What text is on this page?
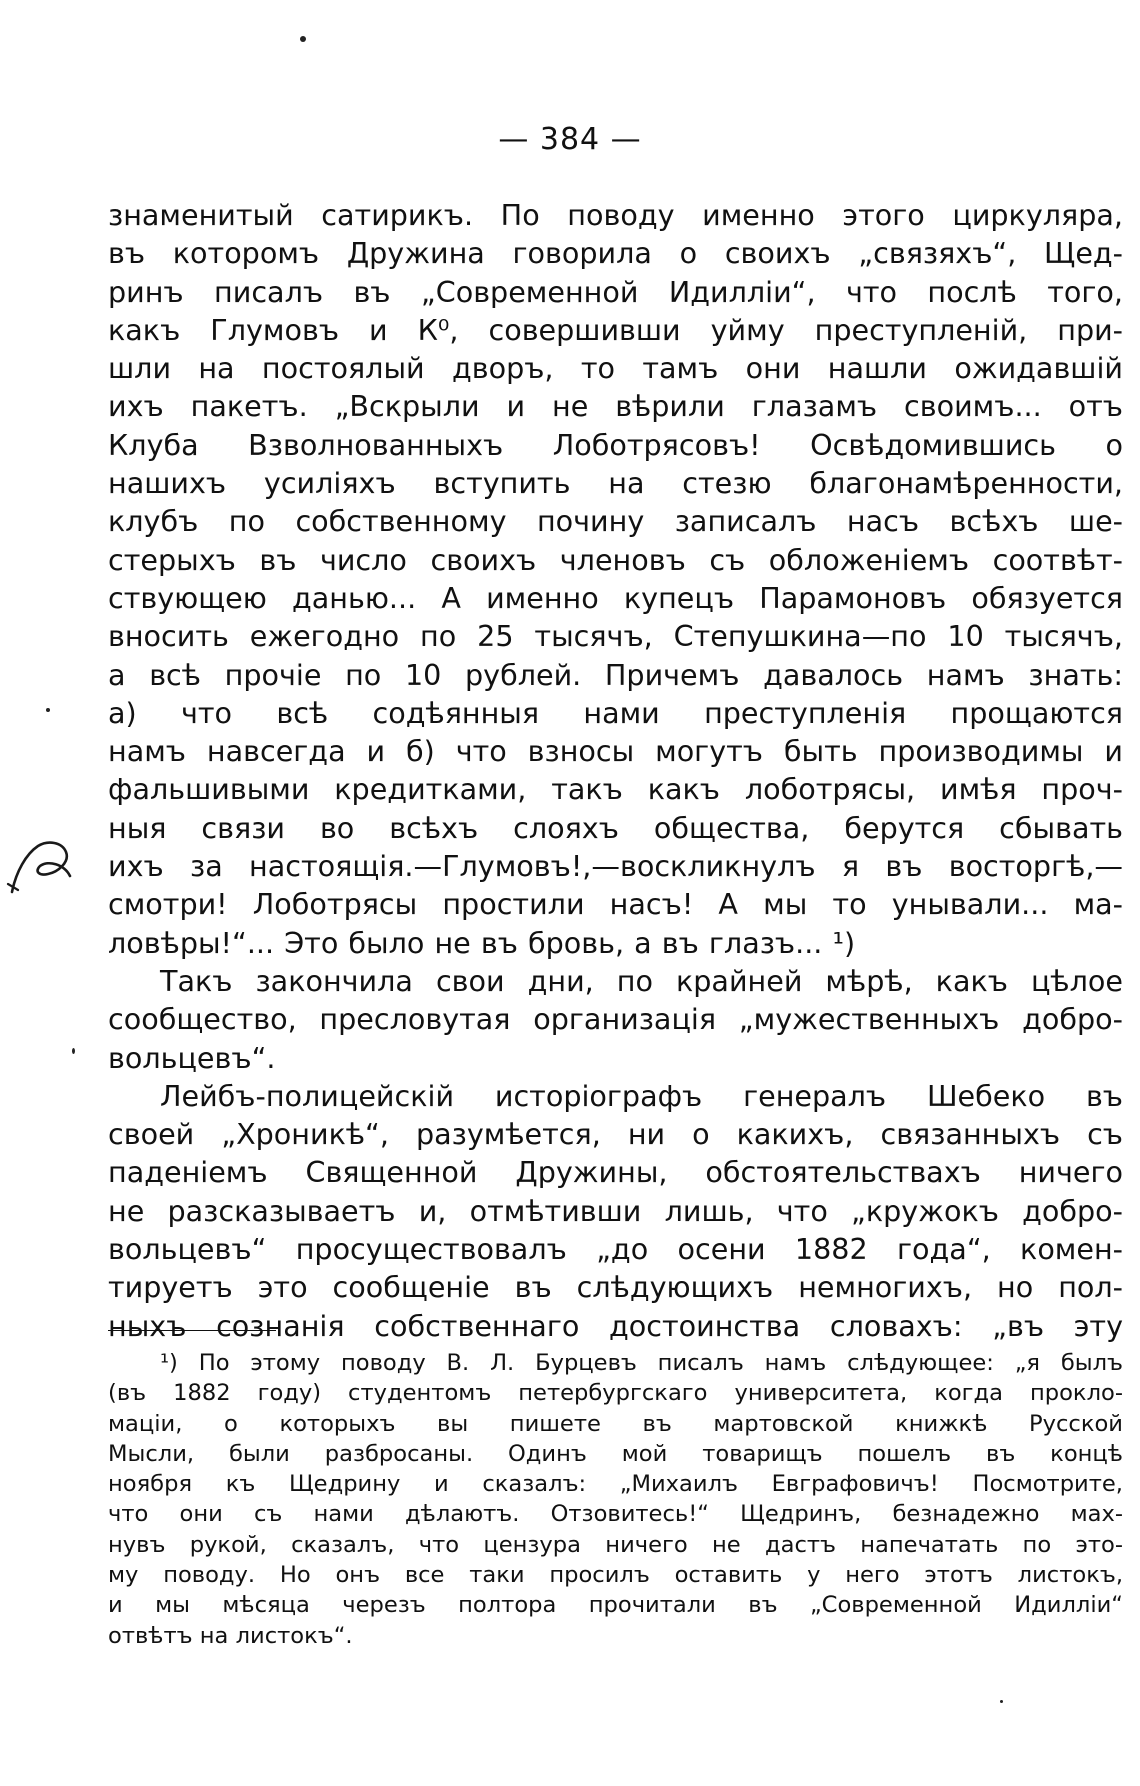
— 384 —
знаменитый сатирикъ. По поводу именно этого циркуляра,
въ которомъ Дружина говорила о своихъ „связяхъ“, Щед-
ринъ писалъ въ „Современной Идилліи“, что послѣ того,
какъ Глумовъ и К⁰, совершивши уйму преступленій, при-
шли на постоялый дворъ, то тамъ они нашли ожидавшій
ихъ пакетъ. „Вскрыли и не вѣрили глазамъ своимъ... отъ
Клуба Взволнованныхъ Лоботрясовъ! Освѣдомившись о
нашихъ усиліяхъ вступить на стезю благонамѣренности,
клубъ по собственному почину записалъ насъ всѣхъ ше-
стерыхъ въ число своихъ членовъ съ обложеніемъ соотвѣт-
ствующею данью... А именно купецъ Парамоновъ обязуется
вносить ежегодно по 25 тысячъ, Степушкина—по 10 тысячъ,
а всѣ прочіе по 10 рублей. Причемъ давалось намъ знать:
а) что всѣ содѣянныя нами преступленія прощаются
намъ навсегда и б) что взносы могутъ быть производимы и
фальшивыми кредитками, такъ какъ лоботрясы, имѣя проч-
ныя связи во всѣхъ слояхъ общества, берутся сбывать
ихъ за настоящія.—Глумовъ!,—воскликнулъ я въ восторгѣ,—
смотри! Лоботрясы простили насъ! А мы то унывали... ма-
ловѣры!“... Это было не въ бровь, а въ глазъ... ¹)
Такъ закончила свои дни, по крайней мѣрѣ, какъ цѣлое
сообщество, пресловутая организація „мужественныхъ добро-
вольцевъ“.
Лейбъ-полицейскій исторіографъ генералъ Шебеко въ
своей „Хроникѣ“, разумѣется, ни о какихъ, связанныхъ съ
паденіемъ Священной Дружины, обстоятельствахъ ничего
не разсказываетъ и, отмѣтивши лишь, что „кружокъ добро-
вольцевъ“ просуществовалъ „до осени 1882 года“, комен-
тируетъ это сообщеніе въ слѣдующихъ немногихъ, но пол-
ныхъ сознанія собственнаго достоинства словахъ: „въ эту
¹) По этому поводу В. Л. Бурцевъ писалъ намъ слѣдующее: „я былъ
(въ 1882 году) студентомъ петербургскаго университета, когда прокло-
маціи, о которыхъ вы пишете въ мартовской книжкѣ Русской
Мысли, были разбросаны. Одинъ мой товарищъ пошелъ въ концѣ
ноября къ Щедрину и сказалъ: „Михаилъ Евграфовичъ! Посмотрите,
что они съ нами дѣлаютъ. Отзовитесь!“ Щедринъ, безнадежно мах-
нувъ рукой, сказалъ, что цензура ничего не дастъ напечатать по это-
му поводу. Но онъ все таки просилъ оставить у него этотъ листокъ,
и мы мѣсяца черезъ полтора прочитали въ „Современной Идилліи“
отвѣтъ на листокъ“.
